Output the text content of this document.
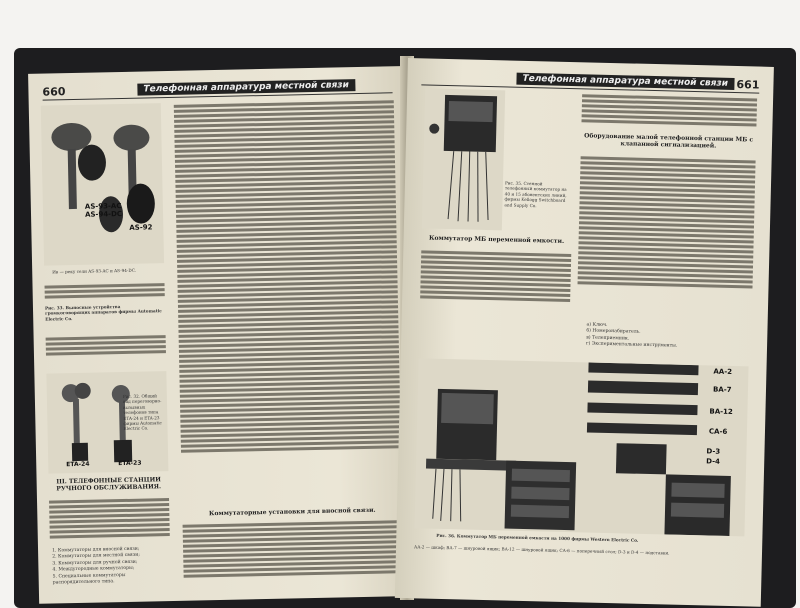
660	Телефонная аппаратура местной связи
AS-93-AC
AS-94-DC
AS-92
Ив — реку тели AS-93-AC и AS-94-DC.
Рис. 33. Выносные устройства громкоговорящих аппаратов фирмы Automatic Electric Co.
ETA-24	ETA-23
Рис. 32. Общий вид переговорно-вызывных телефонов типа ETA-24 и ETA-23 фирмы Automatic Electric Co.
III. ТЕЛЕФОННЫЕ СТАНЦИИ РУЧНОГО ОБСЛУЖИВАНИЯ.
1. Коммутаторы для вносной связи;
2. Коммутаторы для местной связи;
3. Коммутаторы для ручной связи;
4. Междугородные коммутаторы;
5. Специальные коммутаторы распорядительного типа.
Коммутаторные установки для вносной связи.
Телефонная аппаратура местной связи 661
Рис. 35. Стенной телефонный коммутатор на 40 и 15 абонентских линий, фирмы Kellogg Switchboard and Supply Co.
Оборудование малой телефонной станции МБ с клапанной сигнализацией.
а) Ключ.
б) Номеронабиратель.
в) Телеприемник.
г) Экспериментальные инструменты.
Коммутатор МБ переменной емкости.
АА-2
ВА-7
ВА-12
СА-6
D-3
D-4
Рис. 36. Коммутатор МБ переменной емкости на 1000 фирмы Western Electric Co.
АА-2 — шкаф; ВА-7 — шнуровой ящик; ВА-12 — шнуровой ящик; СА-6 — поперечный стол; D-3 и D-4 — подставки.
